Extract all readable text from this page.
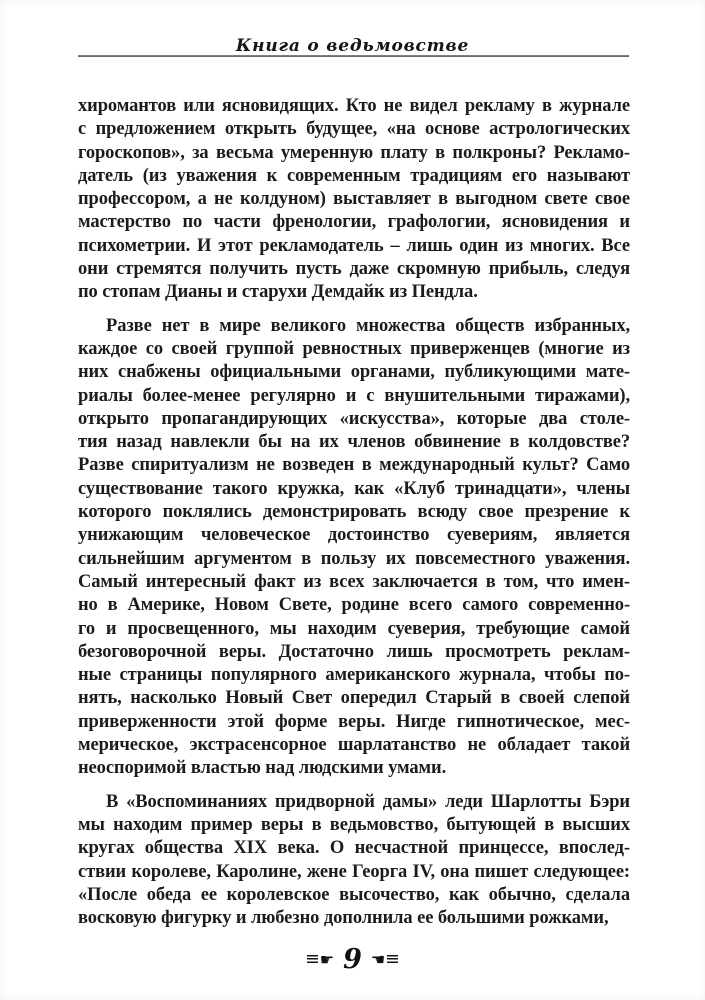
Книга о ведьмовстве
хиромантов или ясновидящих. Кто не видел рекламу в журнале
с предложением открыть будущее, «на основе астрологических
гороскопов», за весьма умеренную плату в полкроны? Рекламо-
датель (из уважения к современным традициям его называют
профессором, а не колдуном) выставляет в выгодном свете свое
мастерство по части френологии, графологии, ясновидения и
психометрии. И этот рекламодатель – лишь один из многих. Все
они стремятся получить пусть даже скромную прибыль, следуя
по стопам Дианы и старухи Демдайк из Пендла.
Разве нет в мире великого множества обществ избранных,
каждое со своей группой ревностных приверженцев (многие из
них снабжены официальными органами, публикующими мате-
риалы более-менее регулярно и с внушительными тиражами),
открыто пропагандирующих «искусства», которые два столе-
тия назад навлекли бы на их членов обвинение в колдовстве?
Разве спиритуализм не возведен в международный культ? Само
существование такого кружка, как «Клуб тринадцати», члены
которого поклялись демонстрировать всюду свое презрение к
унижающим человеческое достоинство суевериям, является
сильнейшим аргументом в пользу их повсеместного уважения.
Самый интересный факт из всех заключается в том, что имен-
но в Америке, Новом Свете, родине всего самого современно-
го и просвещенного, мы находим суеверия, требующие самой
безоговорочной веры. Достаточно лишь просмотреть реклам-
ные страницы популярного американского журнала, чтобы по-
нять, насколько Новый Свет опередил Старый в своей слепой
приверженности этой форме веры. Нигде гипнотическое, мес-
мерическое, экстрасенсорное шарлатанство не обладает такой
неоспоримой властью над людскими умами.
В «Воспоминаниях придворной дамы» леди Шарлотты Бэри
мы находим пример веры в ведьмовство, бытующей в высших
кругах общества XIX века. О несчастной принцессе, впослед-
ствии королеве, Каролине, жене Георга IV, она пишет следующее:
«После обеда ее королевское высочество, как обычно, сделала
восковую фигурку и любезно дополнила ее большими рожками,
☛ 9 ☚
